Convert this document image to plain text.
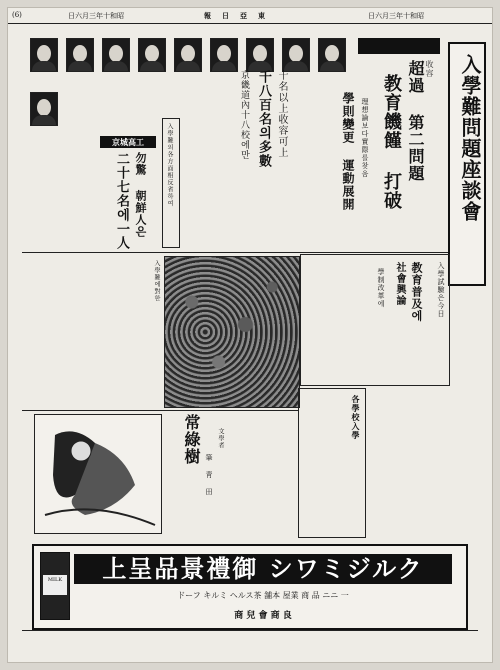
(6)	日六月三年十和昭	報　日　亞　東	日六月三年十和昭
入學難問題座談會
收容
超過 第二問題
教育饑饉 打破
理想論보다實際를찾음
學則變更 運動展開
十名以上收容可上
千八百名의多數
京畿道內十八校에만

入學難의各方面相反省하여
京城高工
勿驚 朝鮮人은
二十七名에一人
入學難에對한
常綠樹	文學者
筆 靑 田
入學試驗은今日
教育普及에
社會興論
學制改革에
各學校入學
MILK	上呈品景禮御 シワミジルク
ドーフ キルミ ヘルス茶 舗本 屋業 商 品 ニニ 一
商 兒 會 商 良
